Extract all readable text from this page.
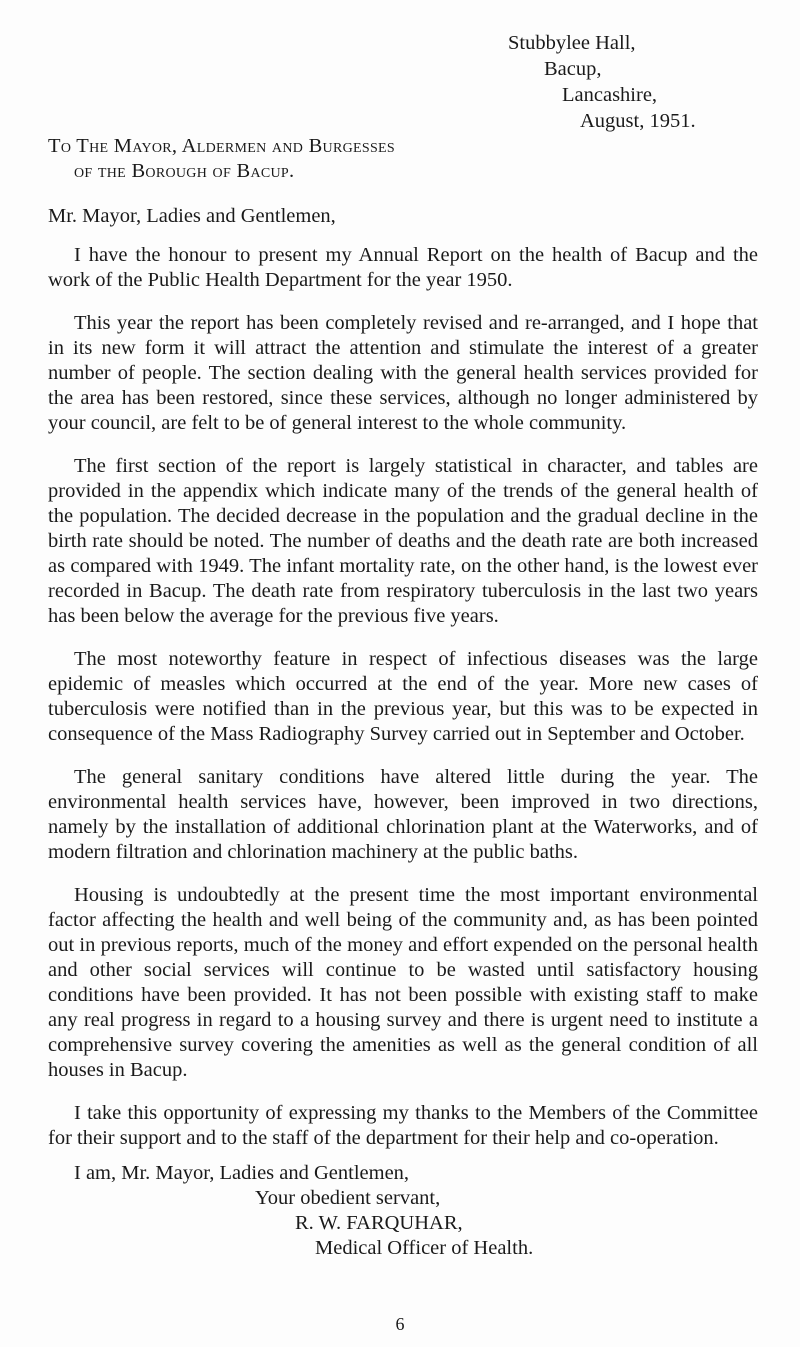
Stubbylee Hall,
Bacup,
Lancashire,
August, 1951.
To The Mayor, Aldermen and Burgesses
of the Borough of Bacup.
Mr. Mayor, Ladies and Gentlemen,

I have the honour to present my Annual Report on the health of Bacup and the work of the Public Health Department for the year 1950.

This year the report has been completely revised and re-arranged, and I hope that in its new form it will attract the attention and stimulate the interest of a greater number of people. The section dealing with the general health services provided for the area has been restored, since these services, although no longer administered by your council, are felt to be of general interest to the whole community.

The first section of the report is largely statistical in character, and tables are provided in the appendix which indicate many of the trends of the general health of the population. The decided decrease in the population and the gradual decline in the birth rate should be noted. The number of deaths and the death rate are both increased as compared with 1949. The infant mortality rate, on the other hand, is the lowest ever recorded in Bacup. The death rate from respiratory tuberculosis in the last two years has been below the average for the previous five years.

The most noteworthy feature in respect of infectious diseases was the large epidemic of measles which occurred at the end of the year. More new cases of tuberculosis were notified than in the previous year, but this was to be expected in consequence of the Mass Radiography Survey carried out in September and October.

The general sanitary conditions have altered little during the year. The environmental health services have, however, been improved in two directions, namely by the installation of additional chlorination plant at the Waterworks, and of modern filtration and chlorination machinery at the public baths.

Housing is undoubtedly at the present time the most important environmental factor affecting the health and well being of the community and, as has been pointed out in previous reports, much of the money and effort expended on the personal health and other social services will continue to be wasted until satisfactory housing conditions have been provided. It has not been possible with existing staff to make any real progress in regard to a housing survey and there is urgent need to institute a comprehensive survey covering the amenities as well as the general condition of all houses in Bacup.

I take this opportunity of expressing my thanks to the Members of the Committee for their support and to the staff of the department for their help and co-operation.

I am, Mr. Mayor, Ladies and Gentlemen,
Your obedient servant,
R. W. FARQUHAR,
Medical Officer of Health.
6
